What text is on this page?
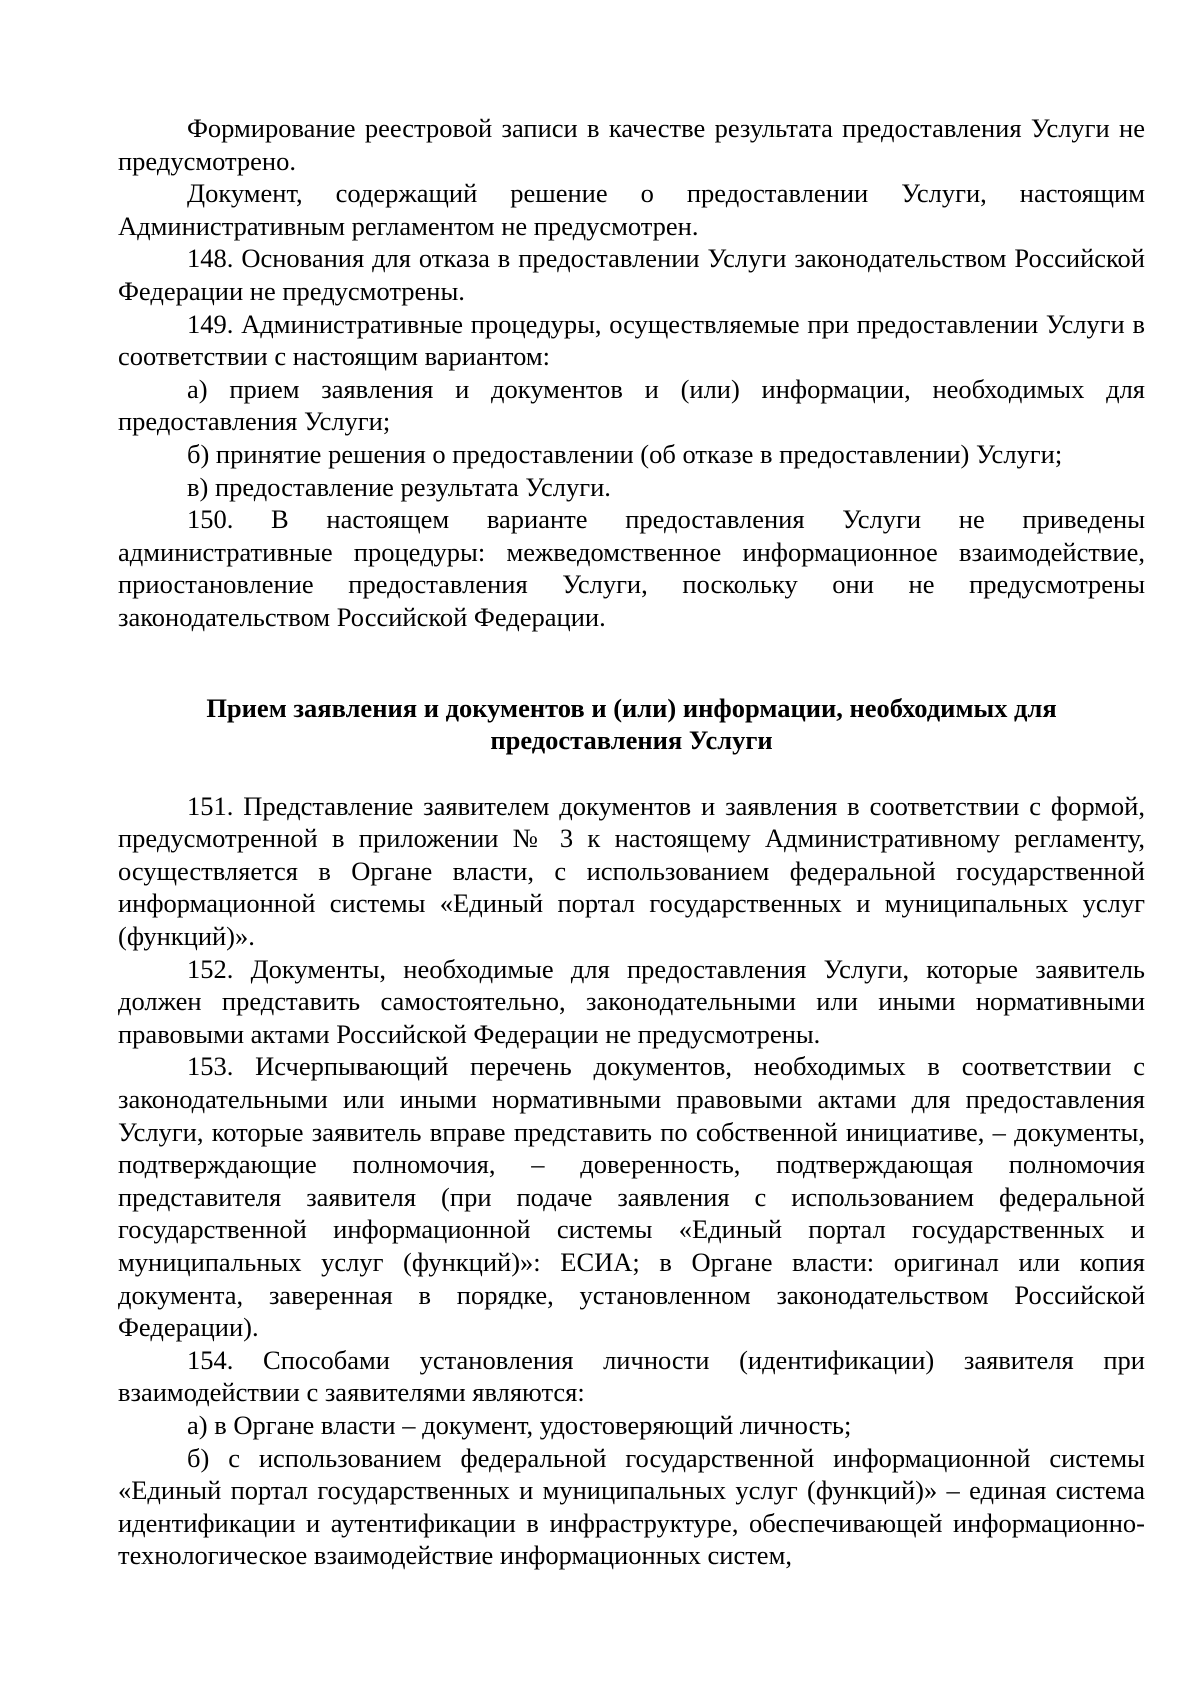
Формирование реестровой записи в качестве результата предоставления Услуги не предусмотрено.

Документ, содержащий решение о предоставлении Услуги, настоящим Административным регламентом не предусмотрен.

148. Основания для отказа в предоставлении Услуги законодательством Российской Федерации не предусмотрены.

149. Административные процедуры, осуществляемые при предоставлении Услуги в соответствии с настоящим вариантом:

а) прием заявления и документов и (или) информации, необходимых для предоставления Услуги;

б) принятие решения о предоставлении (об отказе в предоставлении) Услуги;

в) предоставление результата Услуги.

150. В настоящем варианте предоставления Услуги не приведены административные процедуры: межведомственное информационное взаимодействие, приостановление предоставления Услуги, поскольку они не предусмотрены законодательством Российской Федерации.

Прием заявления и документов и (или) информации, необходимых для
предоставления Услуги

151. Представление заявителем документов и заявления в соответствии с формой, предусмотренной в приложении № 3 к настоящему Административному регламенту, осуществляется в Органе власти, с использованием федеральной государственной информационной системы «Единый портал государственных и муниципальных услуг (функций)».

152. Документы, необходимые для предоставления Услуги, которые заявитель должен представить самостоятельно, законодательными или иными нормативными правовыми актами Российской Федерации не предусмотрены.

153. Исчерпывающий перечень документов, необходимых в соответствии с законодательными или иными нормативными правовыми актами для предоставления Услуги, которые заявитель вправе представить по собственной инициативе, – документы, подтверждающие полномочия, – доверенность, подтверждающая полномочия представителя заявителя (при подаче заявления с использованием федеральной государственной информационной системы «Единый портал государственных и муниципальных услуг (функций)»: ЕСИА; в Органе власти: оригинал или копия документа, заверенная в порядке, установленном законодательством Российской Федерации).

154. Способами установления личности (идентификации) заявителя при взаимодействии с заявителями являются:

а) в Органе власти – документ, удостоверяющий личность;

б) с использованием федеральной государственной информационной системы «Единый портал государственных и муниципальных услуг (функций)» – единая система идентификации и аутентификации в инфраструктуре, обеспечивающей информационно-технологическое взаимодействие информационных систем,
